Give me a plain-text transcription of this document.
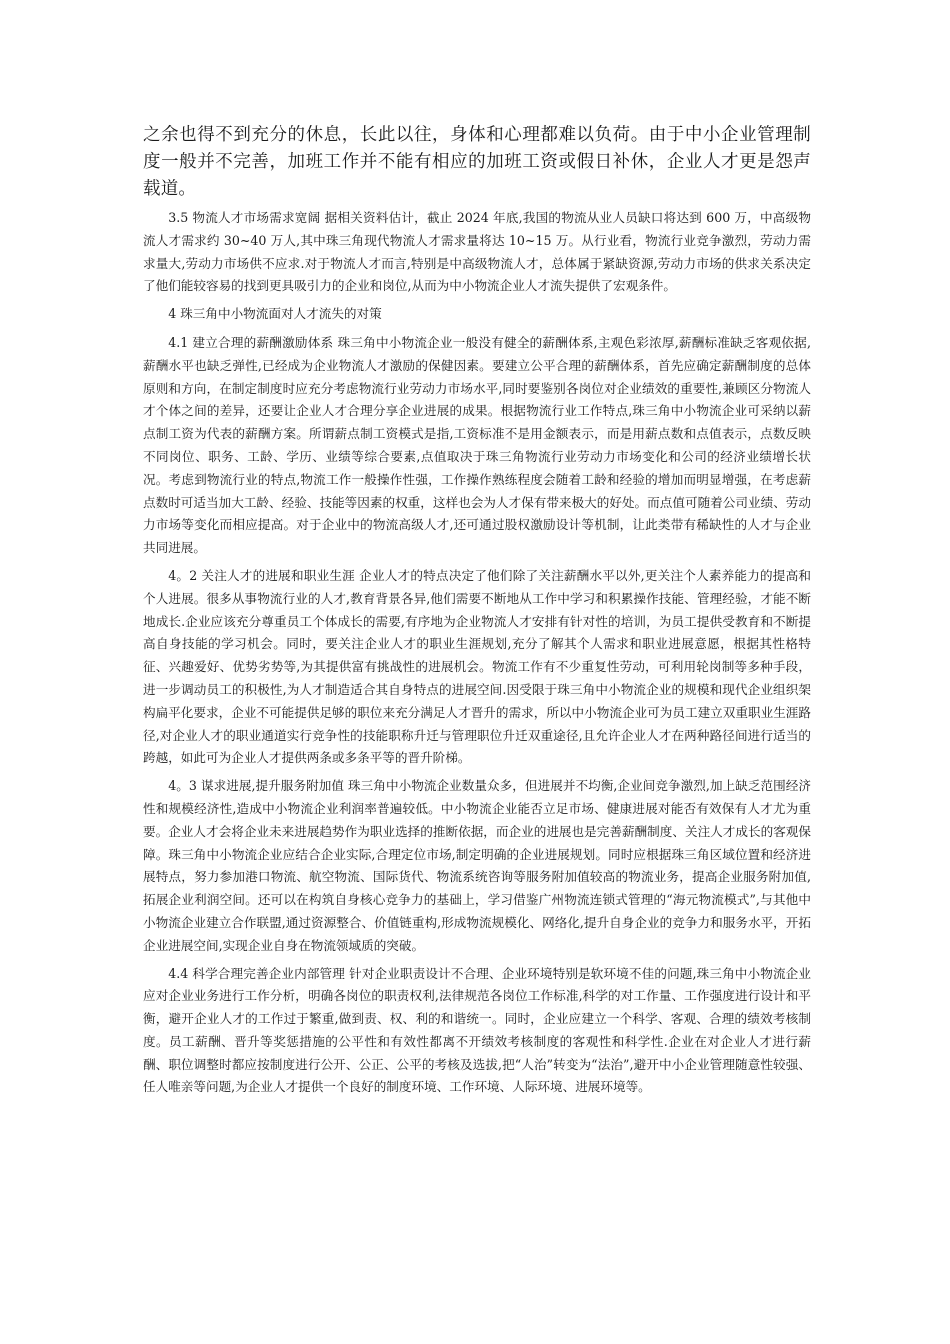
之余也得不到充分的休息，长此以往，身体和心理都难以负荷。由于中小企业管理制度一般并不完善，加班工作并不能有相应的加班工资或假日补休，企业人才更是怨声载道。

3.5 物流人才市场需求宽阔 据相关资料估计，截止 2024 年底,我国的物流从业人员缺口将达到 600 万，中高级物流人才需求约 30~40 万人,其中珠三角现代物流人才需求量将达 10~15 万。从行业看，物流行业竞争激烈，劳动力需求量大,劳动力市场供不应求.对于物流人才而言,特别是中高级物流人才，总体属于紧缺资源,劳动力市场的供求关系决定了他们能较容易的找到更具吸引力的企业和岗位,从而为中小物流企业人才流失提供了宏观条件。

4 珠三角中小物流面对人才流失的对策

4.1 建立合理的薪酬激励体系 珠三角中小物流企业一般没有健全的薪酬体系,主观色彩浓厚,薪酬标准缺乏客观依据,薪酬水平也缺乏弹性,已经成为企业物流人才激励的保健因素。要建立公平合理的薪酬体系，首先应确定薪酬制度的总体原则和方向，在制定制度时应充分考虑物流行业劳动力市场水平,同时要鉴别各岗位对企业绩效的重要性,兼顾区分物流人才个体之间的差异，还要让企业人才合理分享企业进展的成果。根据物流行业工作特点,珠三角中小物流企业可采纳以薪点制工资为代表的薪酬方案。所谓薪点制工资模式是指,工资标准不是用金额表示，而是用薪点数和点值表示，点数反映不同岗位、职务、工龄、学历、业绩等综合要素,点值取决于珠三角物流行业劳动力市场变化和公司的经济业绩增长状况。考虑到物流行业的特点,物流工作一般操作性强，工作操作熟练程度会随着工龄和经验的增加而明显增强，在考虑薪点数时可适当加大工龄、经验、技能等因素的权重，这样也会为人才保有带来极大的好处。而点值可随着公司业绩、劳动力市场等变化而相应提高。对于企业中的物流高级人才,还可通过股权激励设计等机制，让此类带有稀缺性的人才与企业共同进展。

4。2 关注人才的进展和职业生涯 企业人才的特点决定了他们除了关注薪酬水平以外,更关注个人素养能力的提高和个人进展。很多从事物流行业的人才,教育背景各异,他们需要不断地从工作中学习和积累操作技能、管理经验，才能不断地成长.企业应该充分尊重员工个体成长的需要,有序地为企业物流人才安排有针对性的培训，为员工提供受教育和不断提高自身技能的学习机会。同时，要关注企业人才的职业生涯规划,充分了解其个人需求和职业进展意愿，根据其性格特征、兴趣爱好、优势劣势等,为其提供富有挑战性的进展机会。物流工作有不少重复性劳动，可利用轮岗制等多种手段，进一步调动员工的积极性,为人才制造适合其自身特点的进展空间.因受限于珠三角中小物流企业的规模和现代企业组织架构扁平化要求，企业不可能提供足够的职位来充分满足人才晋升的需求，所以中小物流企业可为员工建立双重职业生涯路径,对企业人才的职业通道实行竞争性的技能职称升迁与管理职位升迁双重途径,且允许企业人才在两种路径间进行适当的跨越，如此可为企业人才提供两条或多条平等的晋升阶梯。

4。3 谋求进展,提升服务附加值 珠三角中小物流企业数量众多，但进展并不均衡,企业间竞争激烈,加上缺乏范围经济性和规模经济性,造成中小物流企业利润率普遍较低。中小物流企业能否立足市场、健康进展对能否有效保有人才尤为重要。企业人才会将企业未来进展趋势作为职业选择的推断依据，而企业的进展也是完善薪酬制度、关注人才成长的客观保障。珠三角中小物流企业应结合企业实际,合理定位市场,制定明确的企业进展规划。同时应根据珠三角区域位置和经济进展特点，努力参加港口物流、航空物流、国际货代、物流系统咨询等服务附加值较高的物流业务，提高企业服务附加值,拓展企业利润空间。还可以在构筑自身核心竞争力的基础上，学习借鉴广州物流连锁式管理的“海元物流模式”,与其他中小物流企业建立合作联盟,通过资源整合、价值链重构,形成物流规模化、网络化,提升自身企业的竞争力和服务水平，开拓企业进展空间,实现企业自身在物流领域质的突破。

4.4 科学合理完善企业内部管理 针对企业职责设计不合理、企业环境特别是软环境不佳的问题,珠三角中小物流企业应对企业业务进行工作分析，明确各岗位的职责权利,法律规范各岗位工作标准,科学的对工作量、工作强度进行设计和平衡，避开企业人才的工作过于繁重,做到责、权、利的和谐统一。同时，企业应建立一个科学、客观、合理的绩效考核制度。员工薪酬、晋升等奖惩措施的公平性和有效性都离不开绩效考核制度的客观性和科学性.企业在对企业人才进行薪酬、职位调整时都应按制度进行公开、公正、公平的考核及选拔,把“人治”转变为“法治”,避开中小企业管理随意性较强、任人唯亲等问题,为企业人才提供一个良好的制度环境、工作环境、人际环境、进展环境等。
